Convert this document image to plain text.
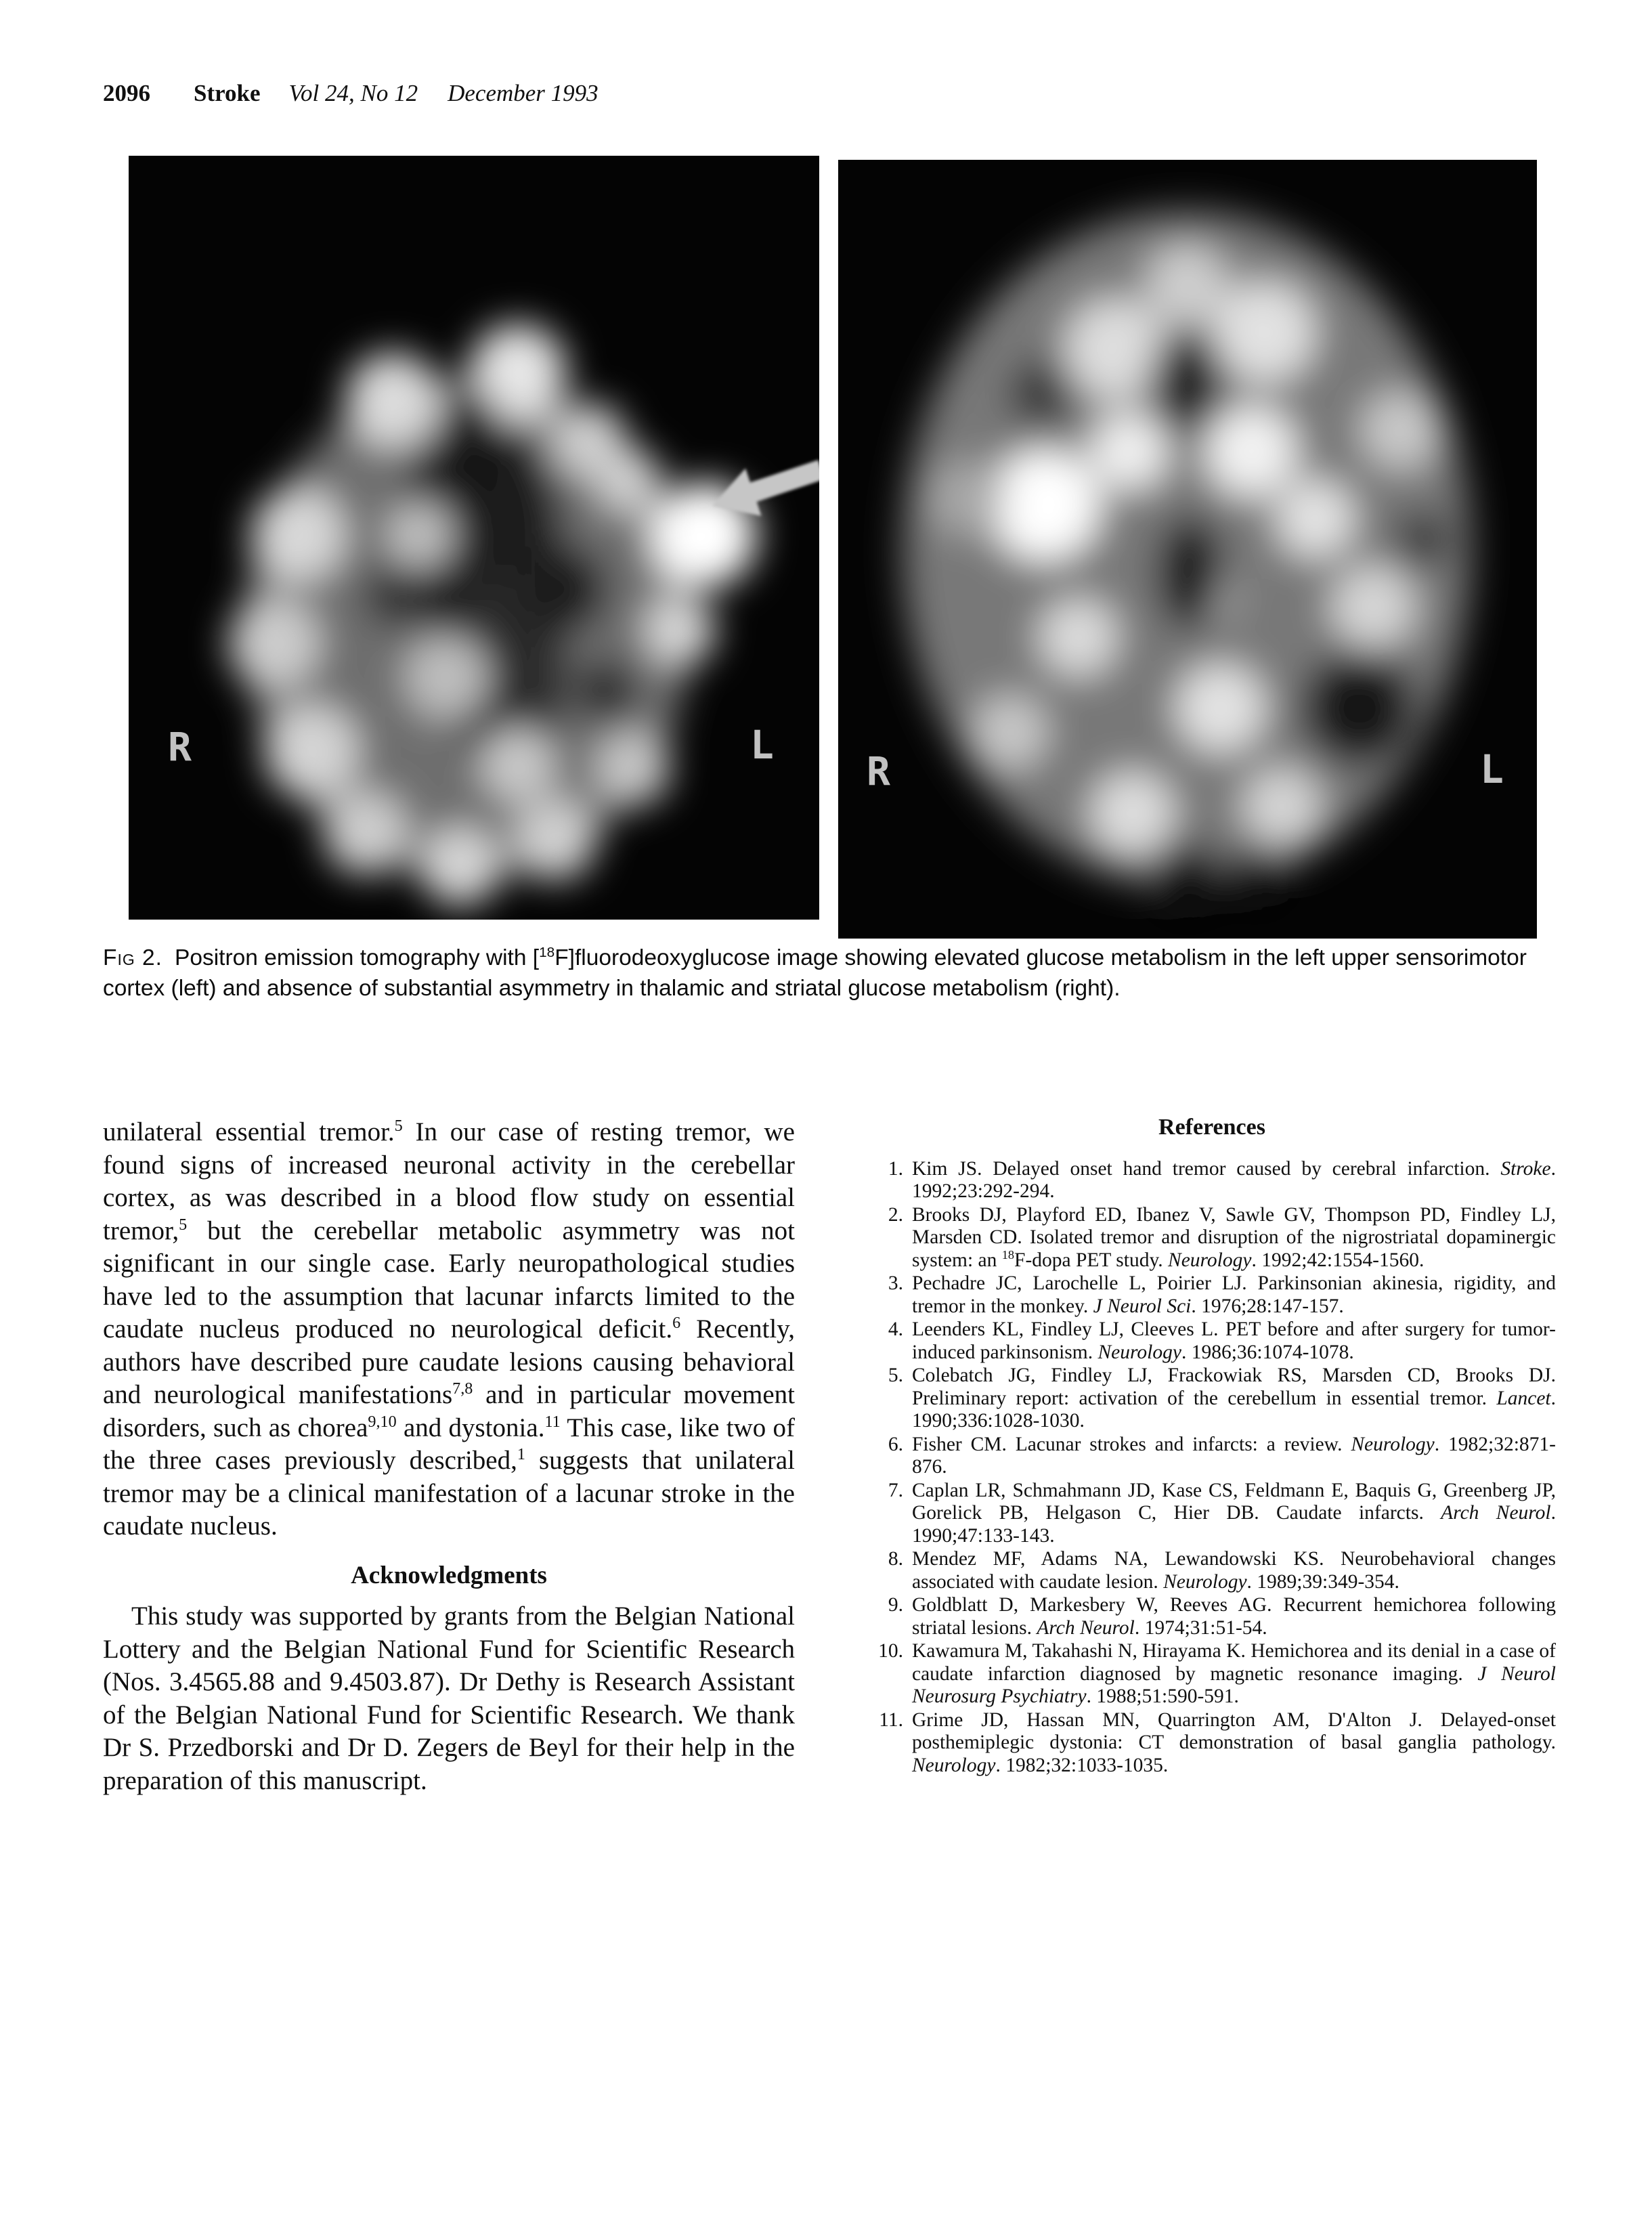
2096 Stroke Vol 24, No 12 December 1993
R	L
R	L
Fig 2. Positron emission tomography with [$^{18}$F]fluorodeoxyglucose image showing elevated glucose metabolism in the left upper sensorimotor cortex (left) and absence of substantial asymmetry in thalamic and striatal glucose metabolism (right).

unilateral essential tremor.$^5$ In our case of resting tremor, we found signs of increased neuronal activity in the cerebellar cortex, as was described in a blood flow study on essential tremor,$^5$ but the cerebellar metabolic asymmetry was not significant in our single case. Early neuropathological studies have led to the assumption that lacunar infarcts limited to the caudate nucleus produced no neurological deficit.$^6$ Recently, authors have described pure caudate lesions causing behavioral and neurological manifestations$^{7,8}$ and in particular movement disorders, such as chorea$^{9,10}$ and dystonia.$^{11}$ This case, like two of the three cases previously described,$^1$ suggests that unilateral tremor may be a clinical manifestation of a lacunar stroke in the caudate nucleus.

Acknowledgments

This study was supported by grants from the Belgian National Lottery and the Belgian National Fund for Scientific Research (Nos. 3.4565.88 and 9.4503.87). Dr Dethy is Research Assistant of the Belgian National Fund for Scientific Research. We thank Dr S. Przedborski and Dr D. Zegers de Beyl for their help in the preparation of this manuscript.

References
1. Kim JS. Delayed onset hand tremor caused by cerebral infarction. Stroke. 1992;23:292-294.
2. Brooks DJ, Playford ED, Ibanez V, Sawle GV, Thompson PD, Findley LJ, Marsden CD. Isolated tremor and disruption of the nigrostriatal dopaminergic system: an $^{18}$F-dopa PET study. Neurology. 1992;42:1554-1560.
3. Pechadre JC, Larochelle L, Poirier LJ. Parkinsonian akinesia, rigidity, and tremor in the monkey. J Neurol Sci. 1976;28:147-157.
4. Leenders KL, Findley LJ, Cleeves L. PET before and after surgery for tumor-induced parkinsonism. Neurology. 1986;36:1074-1078.
5. Colebatch JG, Findley LJ, Frackowiak RS, Marsden CD, Brooks DJ. Preliminary report: activation of the cerebellum in essential tremor. Lancet. 1990;336:1028-1030.
6. Fisher CM. Lacunar strokes and infarcts: a review. Neurology. 1982;32:871-876.
7. Caplan LR, Schmahmann JD, Kase CS, Feldmann E, Baquis G, Greenberg JP, Gorelick PB, Helgason C, Hier DB. Caudate infarcts. Arch Neurol. 1990;47:133-143.
8. Mendez MF, Adams NA, Lewandowski KS. Neurobehavioral changes associated with caudate lesion. Neurology. 1989;39:349-354.
9. Goldblatt D, Markesbery W, Reeves AG. Recurrent hemichorea following striatal lesions. Arch Neurol. 1974;31:51-54.
10. Kawamura M, Takahashi N, Hirayama K. Hemichorea and its denial in a case of caudate infarction diagnosed by magnetic resonance imaging. J Neurol Neurosurg Psychiatry. 1988;51:590-591.
11. Grime JD, Hassan MN, Quarrington AM, D'Alton J. Delayed-onset posthemiplegic dystonia: CT demonstration of basal ganglia pathology. Neurology. 1982;32:1033-1035.
